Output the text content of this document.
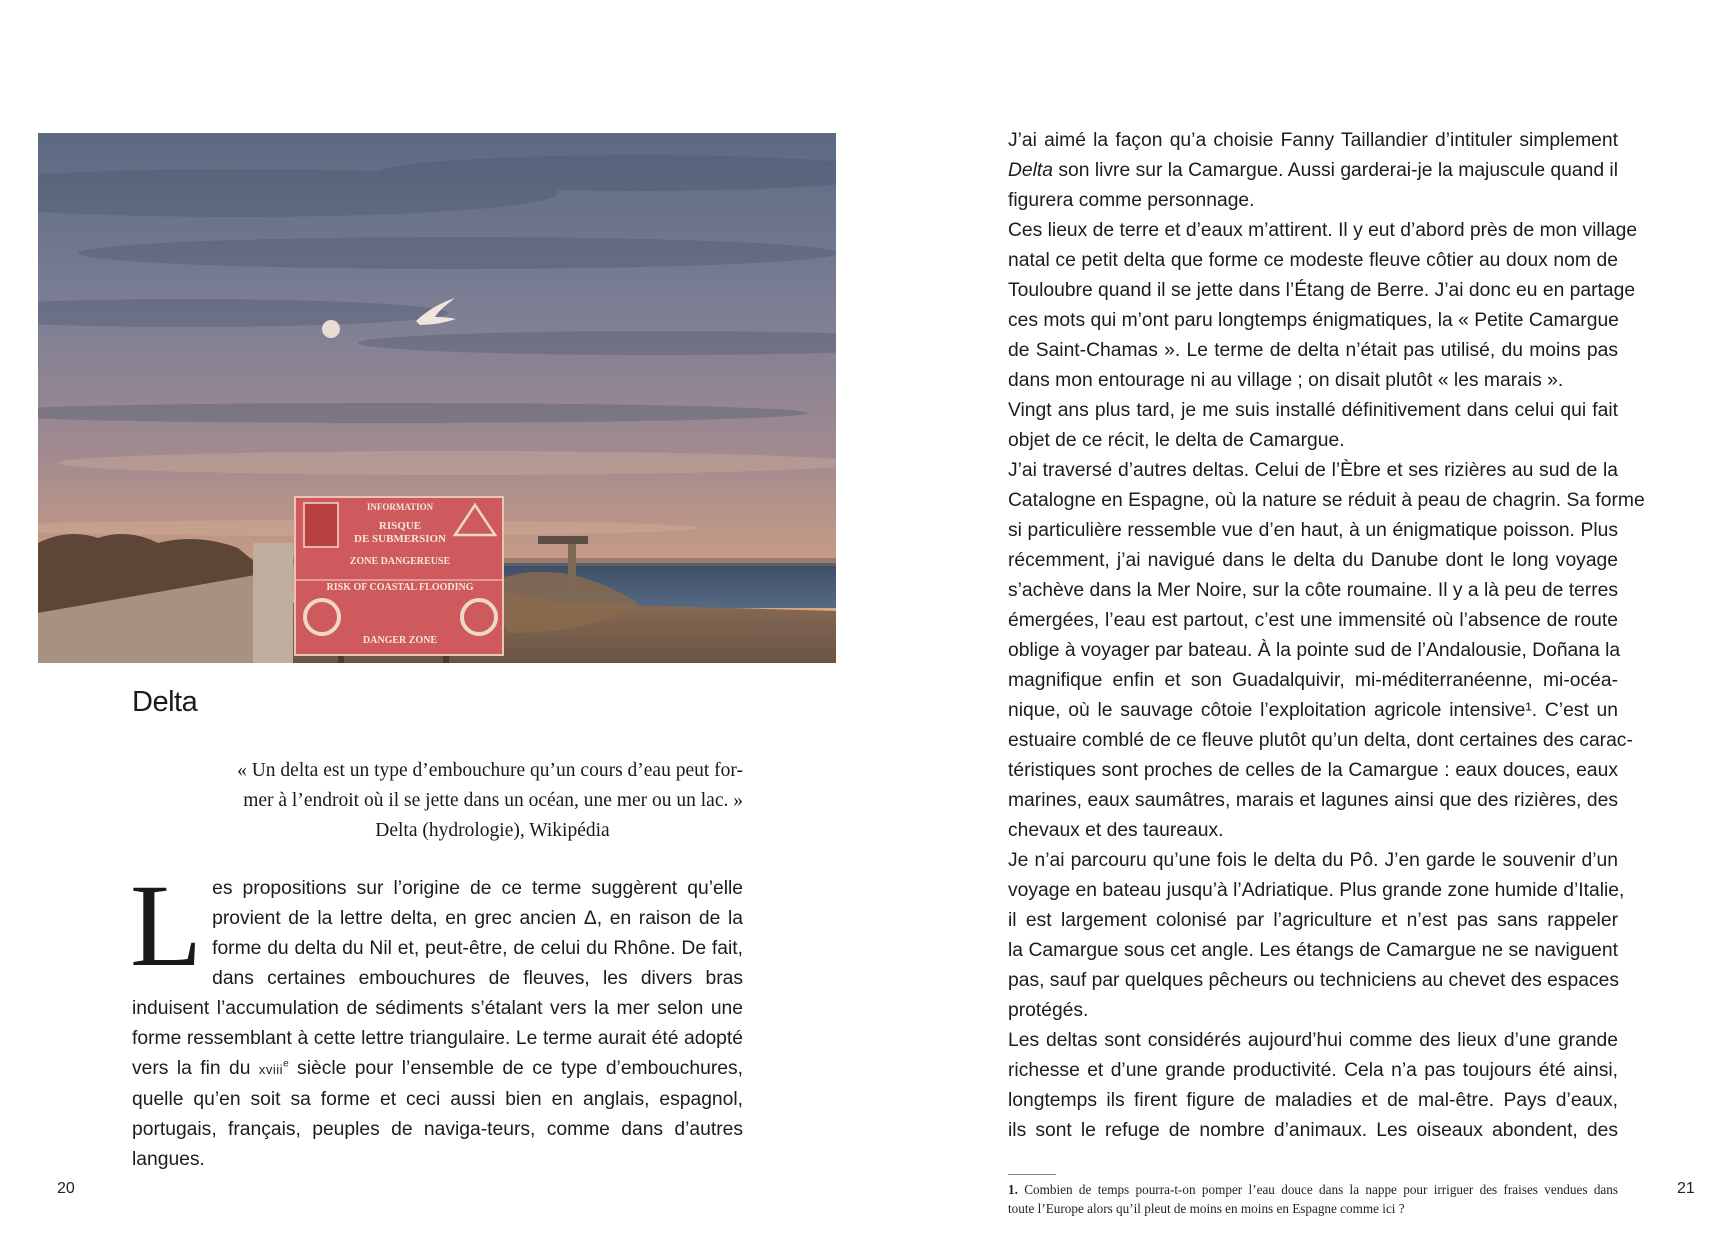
INFORMATION
RISQUE
DE SUBMERSION
ZONE DANGEREUSE
RISK OF COASTAL FLOODING
DANGER ZONE
Delta
« Un delta est un type d’embouchure qu’un cours d’eau peut for-
mer à l’endroit où il se jette dans un océan, une mer ou un lac. »
Delta (hydrologie), Wikipédia
Les propositions sur l’origine de ce terme suggèrent qu’elle provient de la lettre delta, en grec ancien Δ, en raison de la forme du delta du Nil et, peut-être, de celui du Rhône. De fait, dans certaines embouchures de fleuves, les divers bras induisent l’accumulation de sédiments s’étalant vers la mer selon une forme ressemblant à cette lettre triangulaire. Le terme aurait été adopté vers la fin du xviii$^e$ siècle pour l’ensemble de ce type d’embouchures, quelle qu’en soit sa forme et ceci aussi bien en anglais, espagnol, portugais, français, peuples de naviga-teurs, comme dans d’autres langues.
20
J’ai aimé la façon qu’a choisie Fanny Taillandier d’intituler simplement
Delta son livre sur la Camargue. Aussi garderai-je la majuscule quand il
figurera comme personnage.
Ces lieux de terre et d’eaux m’attirent. Il y eut d’abord près de mon village
natal ce petit delta que forme ce modeste fleuve côtier au doux nom de
Touloubre quand il se jette dans l’Étang de Berre. J’ai donc eu en partage
ces mots qui m’ont paru longtemps énigmatiques, la « Petite Camargue
de Saint-Chamas ». Le terme de delta n’était pas utilisé, du moins pas
dans mon entourage ni au village ; on disait plutôt « les marais ».
Vingt ans plus tard, je me suis installé définitivement dans celui qui fait
objet de ce récit, le delta de Camargue.
J’ai traversé d’autres deltas. Celui de l’Èbre et ses rizières au sud de la
Catalogne en Espagne, où la nature se réduit à peau de chagrin. Sa forme
si particulière ressemble vue d’en haut, à un énigmatique poisson. Plus
récemment, j’ai navigué dans le delta du Danube dont le long voyage
s’achève dans la Mer Noire, sur la côte roumaine. Il y a là peu de terres
émergées, l’eau est partout, c’est une immensité où l’absence de route
oblige à voyager par bateau. À la pointe sud de l’Andalousie, Doñana la
magnifique enfin et son Guadalquivir, mi-méditerranéenne, mi-océa-
nique, où le sauvage côtoie l’exploitation agricole intensive¹. C’est un
estuaire comblé de ce fleuve plutôt qu’un delta, dont certaines des carac-
téristiques sont proches de celles de la Camargue : eaux douces, eaux
marines, eaux saumâtres, marais et lagunes ainsi que des rizières, des
chevaux et des taureaux.
Je n’ai parcouru qu’une fois le delta du Pô. J’en garde le souvenir d’un
voyage en bateau jusqu’à l’Adriatique. Plus grande zone humide d’Italie,
il est largement colonisé par l’agriculture et n’est pas sans rappeler
la Camargue sous cet angle. Les étangs de Camargue ne se naviguent
pas, sauf par quelques pêcheurs ou techniciens au chevet des espaces
protégés.
Les deltas sont considérés aujourd’hui comme des lieux d’une grande
richesse et d’une grande productivité. Cela n’a pas toujours été ainsi,
longtemps ils firent figure de maladies et de mal-être. Pays d’eaux,
ils sont le refuge de nombre d’animaux. Les oiseaux abondent, des
1. Combien de temps pourra-t-on pomper l’eau douce dans la nappe pour irriguer des fraises vendues dans
toute l’Europe alors qu’il pleut de moins en moins en Espagne comme ici ?
21
